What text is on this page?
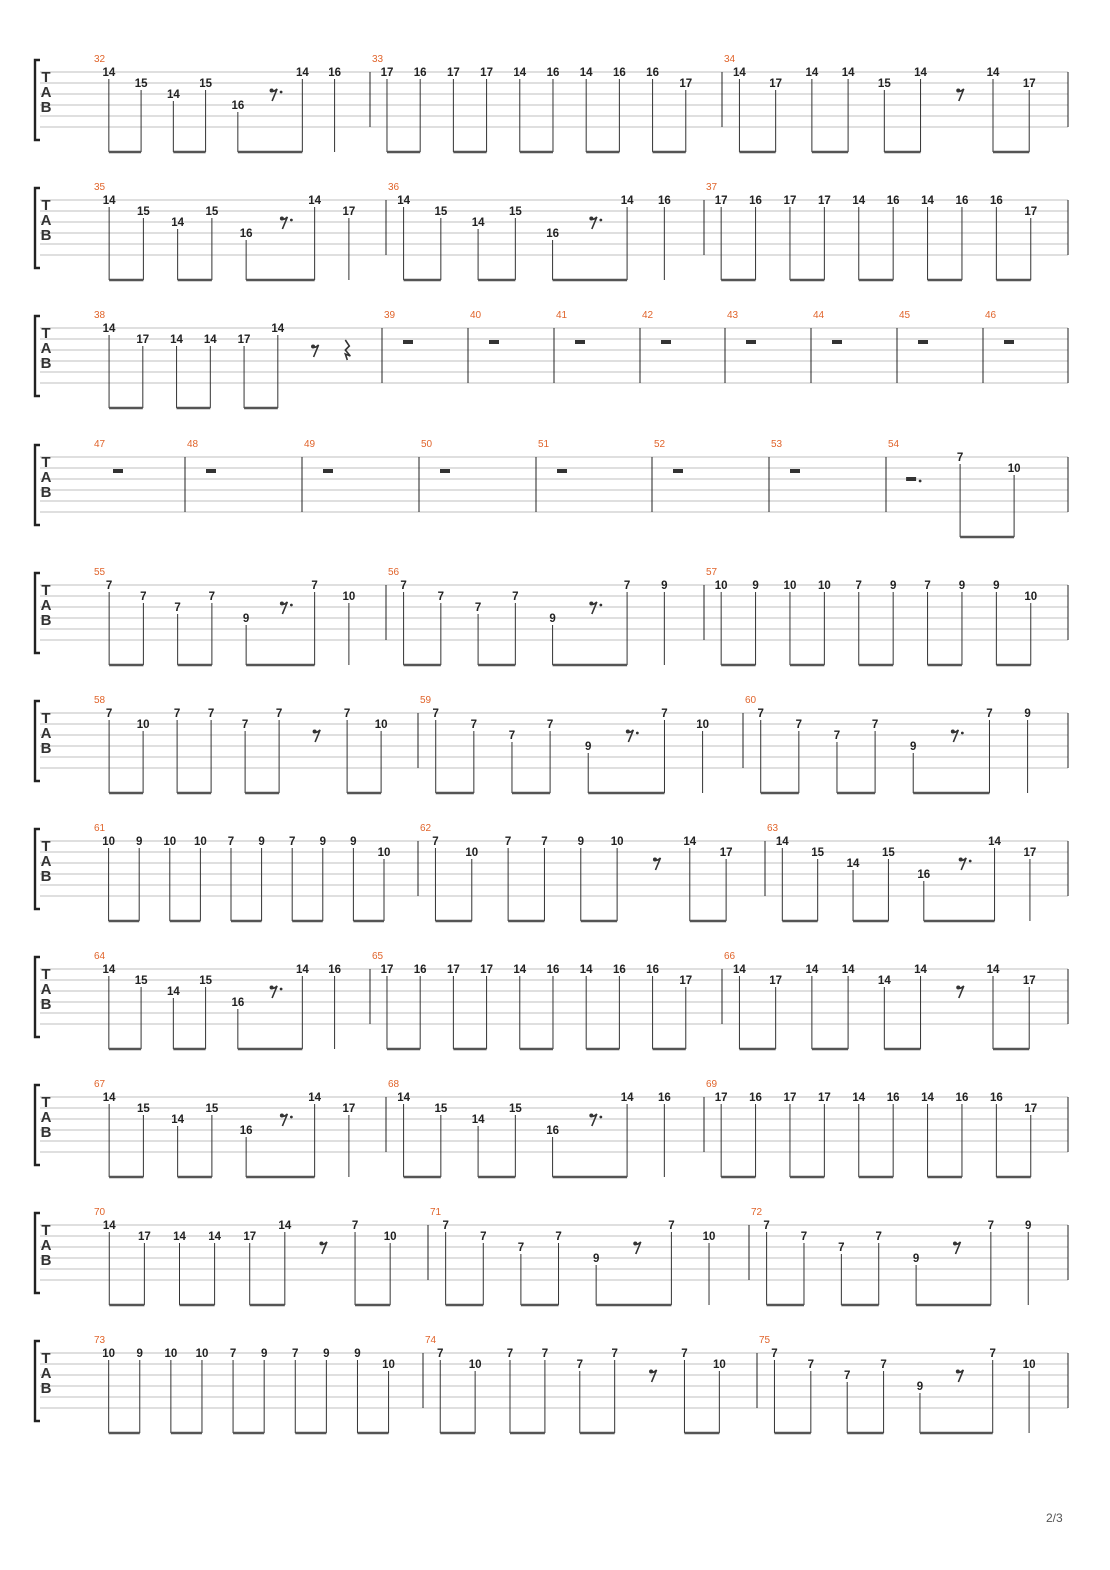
T
A
B
32
14
15
14
15
16
14 16
33
17 16 17 17 14 16 14 16 16
17
34
14
17
14 14
15
14	14
17
T
A
B
35
14
15
14
15
16
14
17
36
14
15
14
15
16
14 16
37
17 16 17 17 14 16 14 16 16
17
T
A
B
38
14
17 14 14 17
14
39	40	41	42	43	44	45	46
T
A
B
47	48	49	50	51	52	53	54
7
10
T
A
B
55
7
7
7
7
9
7
10
56
7
7
7
7
9
7	9
57
10 9 10 10 7 9 7 9 9
10
T
A
B
58
7
10
7 7
7
7	7
10
59
7
7
7
7
9
7
10
60
7
7
7
7
9
7	9
T
A
B
61
10 9 10 10 7 9 7 9 9
10
62
7
10
7	7	9 10	14
17
63
14
15
14
15
16
14
17
T
A
B
64
14
15
14
15
16
14 16
65
17 16 17 17 14 16 14 16 16
17
66
14
17
14 14
14
14	14
17
T
A
B
67
14
15
14
15
16
14
17
68
14
15
14
15
16
14 16
69
17 16 17 17 14 16 14 16 16
17
T
A
B
70
14
17 14 14 17
14	7
10
71
7
7
7
7
9
7
10
72
7
7
7
7
9
7	9
T
A
B
73
10 9 10 10 7 9 7 9 9
10
74
7
10
7 7
7
7	7
10
75
7
7
7
7
9
7
10
2/3
